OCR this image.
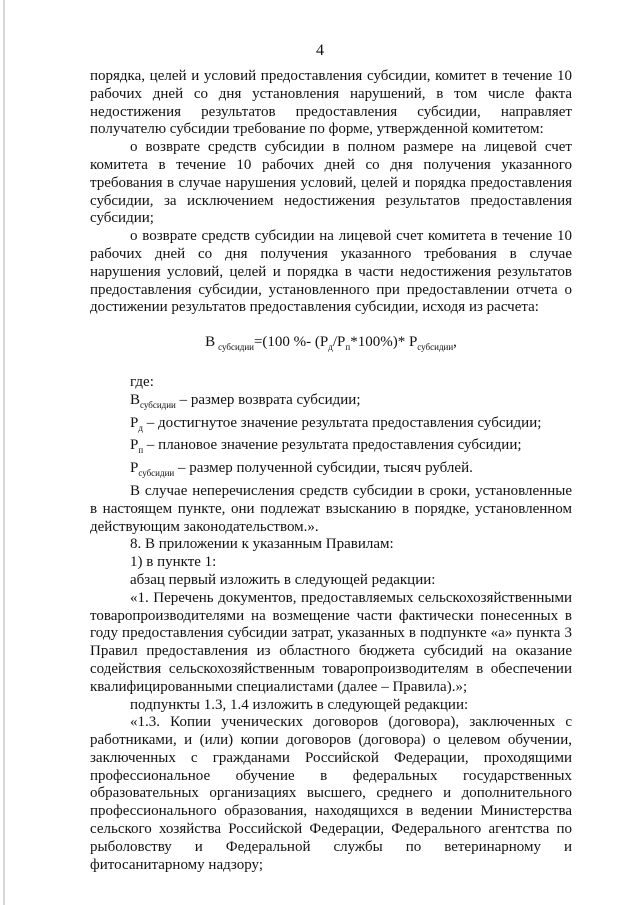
4

порядка, целей и условий предоставления субсидии, комитет в течение 10 рабочих дней со дня установления нарушений, в том числе факта недостижения результатов предоставления субсидии, направляет получателю субсидии требование по форме, утвержденной комитетом:

о возврате средств субсидии в полном размере на лицевой счет комитета в течение 10 рабочих дней со дня получения указанного требования в случае нарушения условий, целей и порядка предоставления субсидии, за исключением недостижения результатов предоставления субсидии;

о возврате средств субсидии на лицевой счет комитета в течение 10 рабочих дней со дня получения указанного требования в случае нарушения условий, целей и порядка в части недостижения результатов предоставления субсидии, установленного при предоставлении отчета о достижении результатов предоставления субсидии, исходя из расчета:

В  $_{субсидии}$=(100 %- $(Р_д/Р_п*100\%)*$ $Р_{субсидии}$,

где:

$В_{субсидии}$ – размер возврата субсидии;

$Р_д$ – достигнутое значение результата предоставления субсидии;

$Р_п$ – плановое значение результата предоставления субсидии;

$Р_{субсидии}$ – размер полученной субсидии, тысяч рублей.

В случае неперечисления средств субсидии в сроки, установленные в настоящем пункте, они подлежат взысканию в порядке, установленном действующим законодательством.».

8. В приложении к указанным Правилам:

1) в пункте 1:

абзац первый изложить в следующей редакции:

«1. Перечень документов, предоставляемых сельскохозяйственными товаропроизводителями на возмещение части фактически понесенных в году предоставления субсидии затрат, указанных в подпункте «а» пункта 3 Правил предоставления из областного бюджета субсидий на оказание содействия сельскохозяйственным товаропроизводителям в обеспечении квалифицированными специалистами (далее – Правила).»;

подпункты 1.3, 1.4 изложить в следующей редакции:

«1.3. Копии ученических договоров (договора), заключенных с работниками, и (или) копии договоров (договора) о целевом обучении, заключенных с гражданами Российской Федерации, проходящими профессиональное обучение в федеральных государственных образовательных организациях высшего, среднего и дополнительного профессионального образования, находящихся в ведении Министерства сельского хозяйства Российской Федерации, Федерального агентства по рыболовству и Федеральной службы по ветеринарному и фитосанитарному надзору;
